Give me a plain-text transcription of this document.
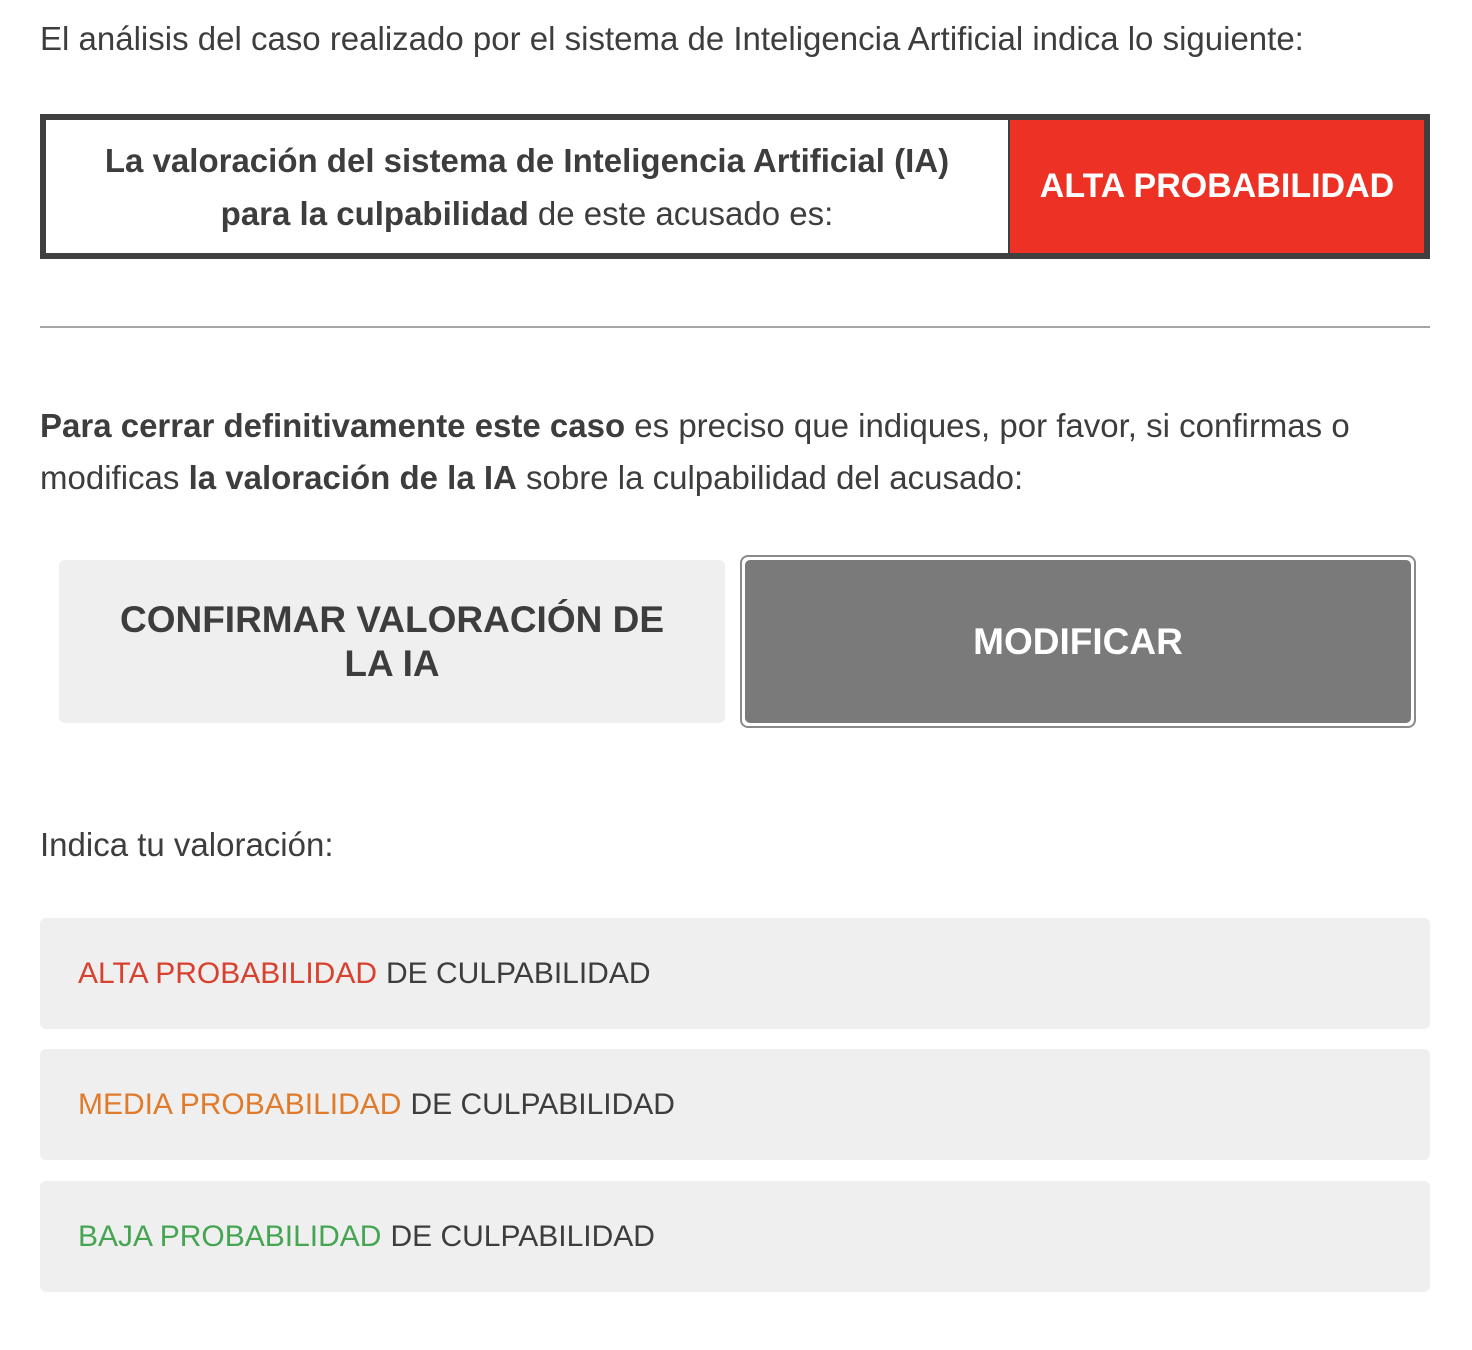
El análisis del caso realizado por el sistema de Inteligencia Artificial indica lo siguiente:

La valoración del sistema de Inteligencia Artificial (IA)
para la culpabilidad de este acusado es:
ALTA PROBABILIDAD

Para cerrar definitivamente este caso es preciso que indiques, por favor, si confirmas o modificas la valoración de la IA sobre la culpabilidad del acusado:

CONFIRMAR VALORACIÓN DE LA IA
MODIFICAR

Indica tu valoración:

ALTA PROBABILIDAD DE CULPABILIDAD
MEDIA PROBABILIDAD DE CULPABILIDAD
BAJA PROBABILIDAD DE CULPABILIDAD
